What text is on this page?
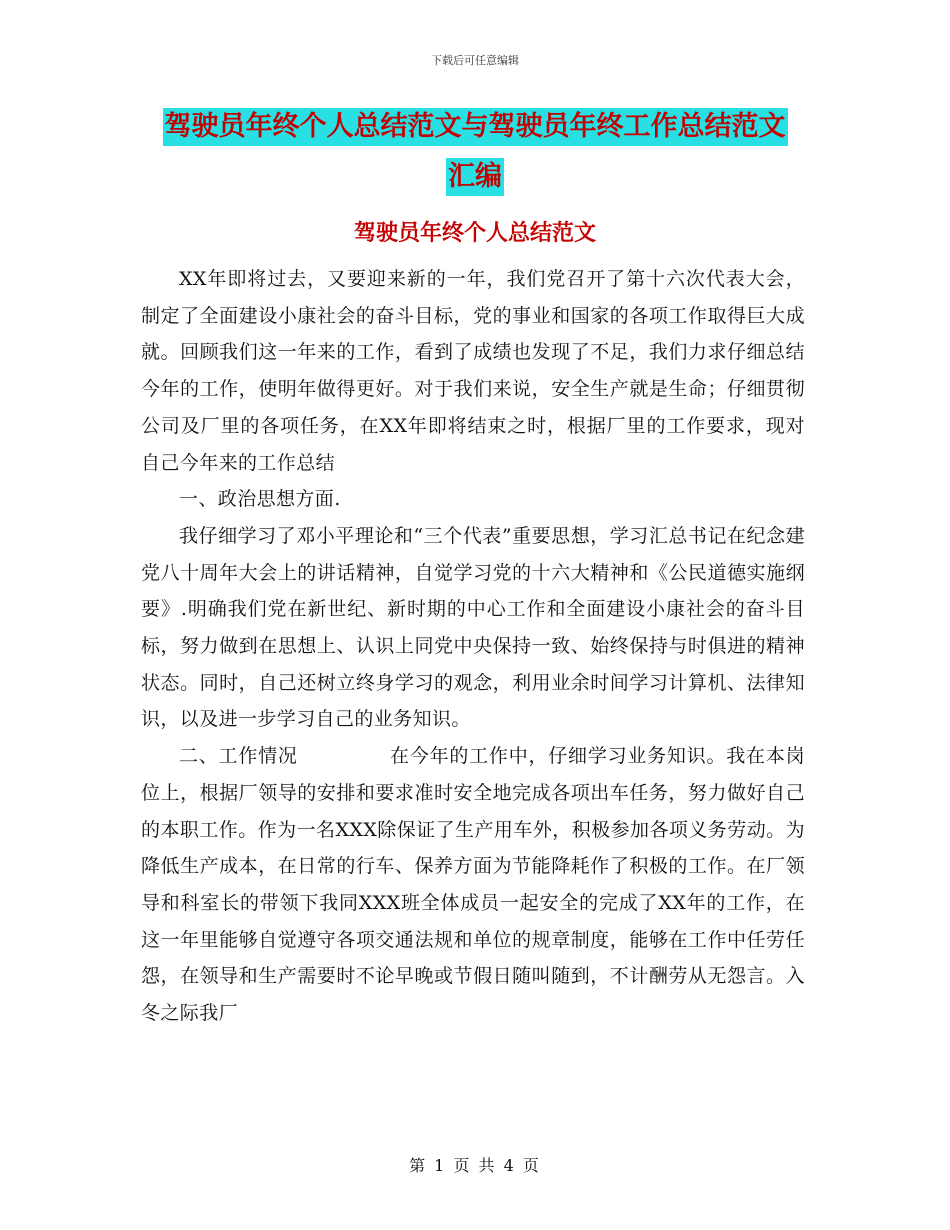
下载后可任意编辑
驾驶员年终个人总结范文与驾驶员年终工作总结范文
汇编
驾驶员年终个人总结范文

XX年即将过去，又要迎来新的一年，我们党召开了第十六次代表大会，制定了全面建设小康社会的奋斗目标，党的事业和国家的各项工作取得巨大成就。回顾我们这一年来的工作，看到了成绩也发现了不足，我们力求仔细总结今年的工作，使明年做得更好。对于我们来说，安全生产就是生命；仔细贯彻公司及厂里的各项任务，在XX年即将结束之时，根据厂里的工作要求，现对自己今年来的工作总结

一、政治思想方面.

我仔细学习了邓小平理论和“三个代表”重要思想，学习汇总书记在纪念建党八十周年大会上的讲话精神，自觉学习党的十六大精神和《公民道德实施纲要》.明确我们党在新世纪、新时期的中心工作和全面建设小康社会的奋斗目标，努力做到在思想上、认识上同党中央保持一致、始终保持与时俱进的精神状态。同时，自己还树立终身学习的观念，利用业余时间学习计算机、法律知识，以及进一步学习自己的业务知识。

二、工作情况	在今年的工作中，仔细学习业务知识。我在本岗位上，根据厂领导的安排和要求准时安全地完成各项出车任务，努力做好自己的本职工作。作为一名XXX除保证了生产用车外，积极参加各项义务劳动。为降低生产成本，在日常的行车、保养方面为节能降耗作了积极的工作。在厂领导和科室长的带领下我同XXX班全体成员一起安全的完成了XX年的工作，在这一年里能够自觉遵守各项交通法规和单位的规章制度，能够在工作中任劳任怨，在领导和生产需要时不论早晚或节假日随叫随到，不计酬劳从无怨言。入冬之际我厂

第 1 页 共 4 页
